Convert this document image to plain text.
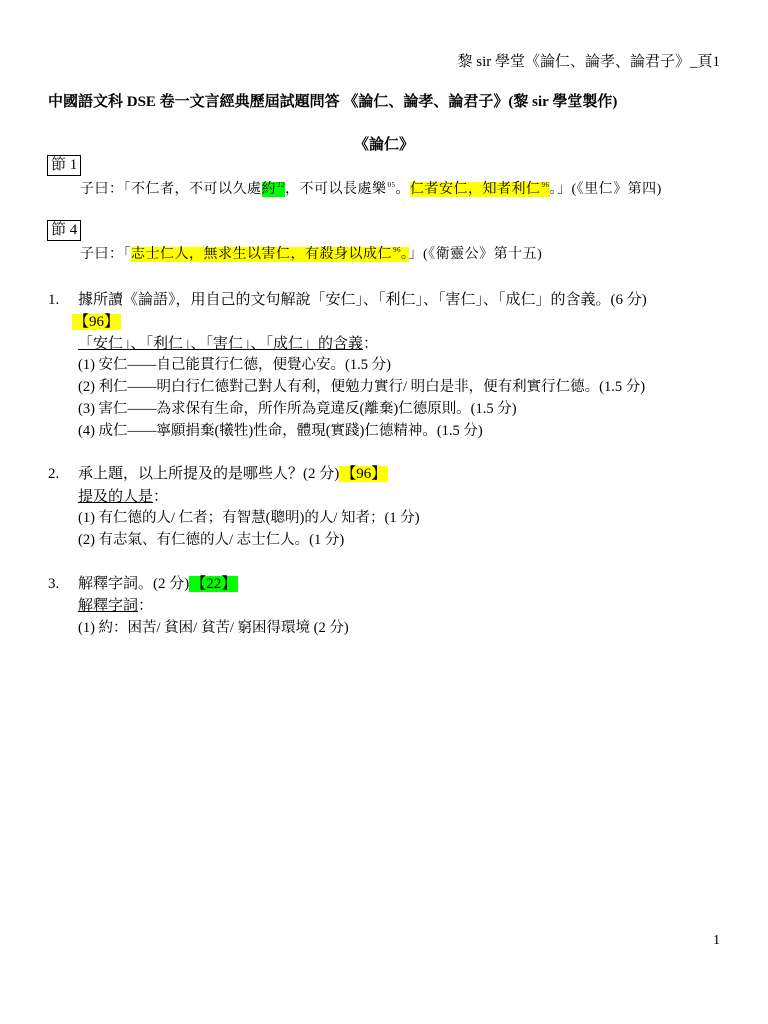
黎 sir 學堂《論仁、論孝、論君子》_頁1
中國語文科 DSE 卷一文言經典歷屆試題問答 《論仁、論孝、論君子》(黎 sir 學堂製作)
《論仁》
節 1
子曰：「不仁者，不可以久處約$^{22}$，不可以長處樂$^{05}$。仁者安仁，知者利仁$^{96}$。」(《里仁》第四)
節 4
子曰：「志士仁人，無求生以害仁，有殺身以成仁$^{96}$。」(《衛靈公》第十五)
1. 據所讀《論語》，用自己的文句解說「安仁」、「利仁」、「害仁」、「成仁」的含義。(6 分)
【96】
「安仁」、「利仁」、「害仁」、「成仁」的含義：
(1) 安仁——自己能貫行仁德，便覺心安。(1.5 分)
(2) 利仁——明白行仁德對己對人有利，便勉力實行/ 明白是非，便有利實行仁德。(1.5 分)
(3) 害仁——為求保有生命，所作所為竟違反(離棄)仁德原則。(1.5 分)
(4) 成仁——寧願捐棄(犧牲)性命，體現(實踐)仁德精神。(1.5 分)
2. 承上題，以上所提及的是哪些人？(2 分) 【96】
提及的人是：
(1) 有仁德的人/ 仁者；有智慧(聰明)的人/ 知者；(1 分)
(2) 有志氣、有仁德的人/ 志士仁人。(1 分)
3. 解釋字詞。(2 分) 【22】
解釋字詞：
(1) 約：困苦/ 貧困/ 貧苦/ 窮困得環境 (2 分)
1
